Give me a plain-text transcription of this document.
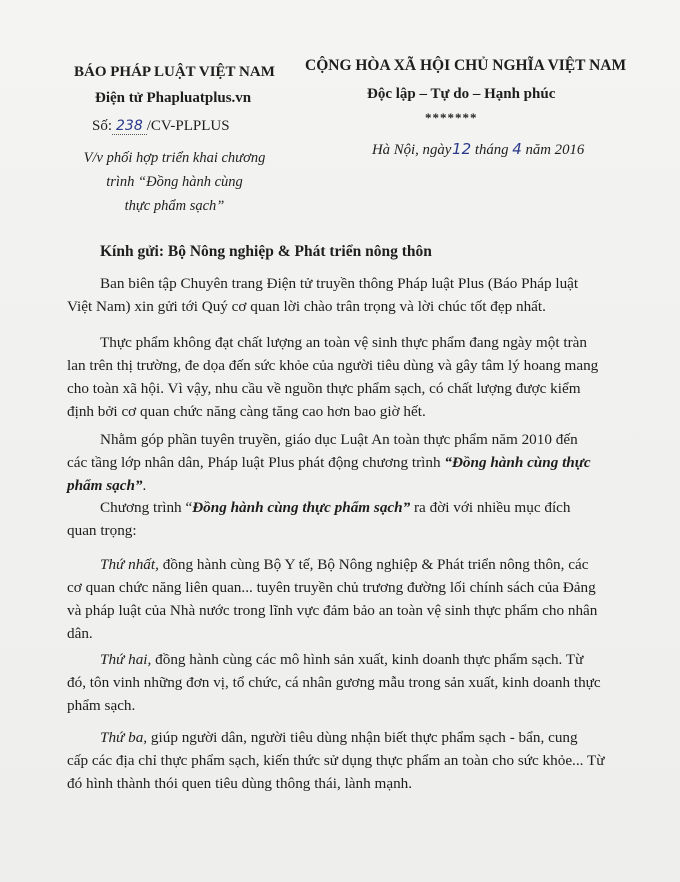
BÁO PHÁP LUẬT VIỆT NAM
Điện tử Phapluatplus.vn
Số: 238 /CV-PLPLUS
V/v phối hợp triển khai chương
trình “Đồng hành cùng
thực phẩm sạch”
CỘNG HÒA XÃ HỘI CHỦ NGHĨA VIỆT NAM
Độc lập – Tự do – Hạnh phúc
*******
Hà Nội, ngày 12 tháng 4 năm 2016
Kính gửi: Bộ Nông nghiệp & Phát triển nông thôn
Ban biên tập Chuyên trang Điện tử truyền thông Pháp luật Plus (Báo Pháp luật
Việt Nam) xin gửi tới Quý cơ quan lời chào trân trọng và lời chúc tốt đẹp nhất.
Thực phẩm không đạt chất lượng an toàn vệ sinh thực phẩm đang ngày một tràn
lan trên thị trường, đe dọa đến sức khỏe của người tiêu dùng và gây tâm lý hoang mang
cho toàn xã hội. Vì vậy, nhu cầu về nguồn thực phẩm sạch, có chất lượng được kiểm
định bởi cơ quan chức năng càng tăng cao hơn bao giờ hết.
Nhằm góp phần tuyên truyền, giáo dục Luật An toàn thực phẩm năm 2010 đến
các tầng lớp nhân dân, Pháp luật Plus phát động chương trình “Đồng hành cùng thực
phẩm sạch”.
Chương trình “Đồng hành cùng thực phẩm sạch” ra đời với nhiều mục đích
quan trọng:
Thứ nhất, đồng hành cùng Bộ Y tế, Bộ Nông nghiệp & Phát triển nông thôn, các
cơ quan chức năng liên quan... tuyên truyền chủ trương đường lối chính sách của Đảng
và pháp luật của Nhà nước trong lĩnh vực đảm bảo an toàn vệ sinh thực phẩm cho nhân
dân.
Thứ hai, đồng hành cùng các mô hình sản xuất, kinh doanh thực phẩm sạch. Từ
đó, tôn vinh những đơn vị, tổ chức, cá nhân gương mẫu trong sản xuất, kinh doanh thực
phẩm sạch.
Thứ ba, giúp người dân, người tiêu dùng nhận biết thực phẩm sạch - bẩn, cung
cấp các địa chỉ thực phẩm sạch, kiến thức sử dụng thực phẩm an toàn cho sức khỏe... Từ
đó hình thành thói quen tiêu dùng thông thái, lành mạnh.
